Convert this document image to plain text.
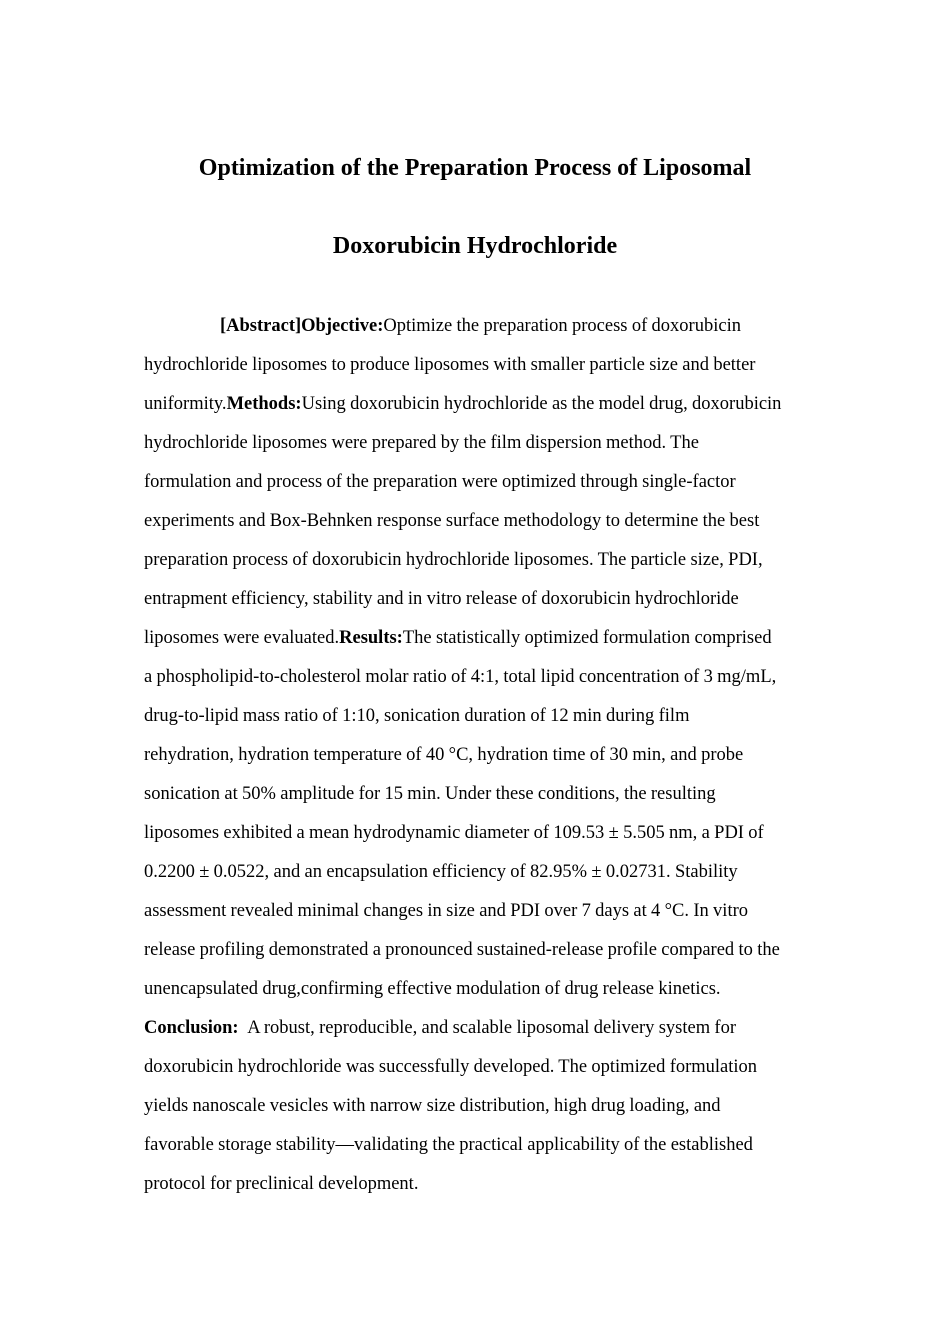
Optimization of the Preparation Process of Liposomal
Doxorubicin Hydrochloride
[Abstract]Objective:Optimize the preparation process of doxorubicin
hydrochloride liposomes to produce liposomes with smaller particle size and better
uniformity.Methods:Using doxorubicin hydrochloride as the model drug, doxorubicin
hydrochloride liposomes were prepared by the film dispersion method. The
formulation and process of the preparation were optimized through single-factor
experiments and Box-Behnken response surface methodology to determine the best
preparation process of doxorubicin hydrochloride liposomes. The particle size, PDI,
entrapment efficiency, stability and in vitro release of doxorubicin hydrochloride
liposomes were evaluated.Results:The statistically optimized formulation comprised
a phospholipid-to-cholesterol molar ratio of 4:1, total lipid concentration of 3 mg/mL,
drug-to-lipid mass ratio of 1:10, sonication duration of 12 min during film
rehydration, hydration temperature of 40 °C, hydration time of 30 min, and probe
sonication at 50% amplitude for 15 min. Under these conditions, the resulting
liposomes exhibited a mean hydrodynamic diameter of 109.53 ± 5.505 nm, a PDI of
0.2200 ± 0.0522, and an encapsulation efficiency of 82.95% ± 0.02731. Stability
assessment revealed minimal changes in size and PDI over 7 days at 4 °C. In vitro
release profiling demonstrated a pronounced sustained-release profile compared to the
unencapsulated drug,confirming effective modulation of drug release kinetics.
Conclusion: A robust, reproducible, and scalable liposomal delivery system for
doxorubicin hydrochloride was successfully developed. The optimized formulation
yields nanoscale vesicles with narrow size distribution, high drug loading, and
favorable storage stability—validating the practical applicability of the established
protocol for preclinical development.
